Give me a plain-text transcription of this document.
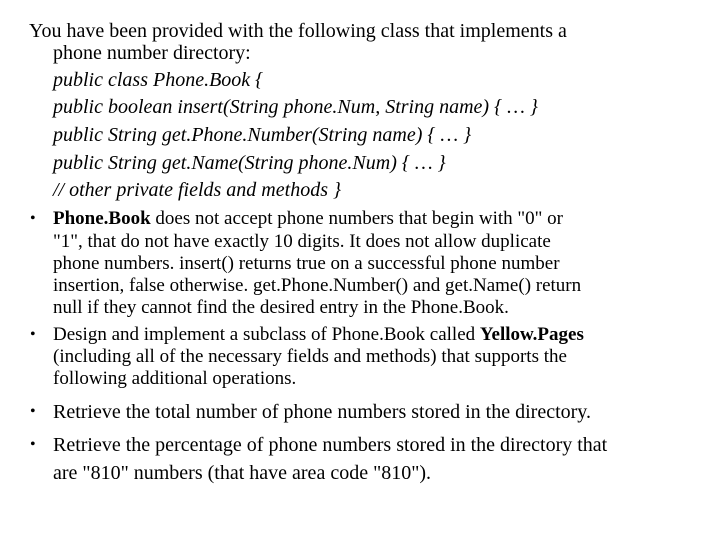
You have been provided with the following class that implements a
phone number directory:
public class Phone.Book {
public boolean insert(String phone.Num, String name) { … }
public String get.Phone.Number(String name) { … }
public String get.Name(String phone.Num) { … }
// other private fields and methods }
• Phone.Book does not accept phone numbers that begin with "0" or
"1", that do not have exactly 10 digits. It does not allow duplicate
phone numbers. insert() returns true on a successful phone number
insertion, false otherwise. get.Phone.Number() and get.Name() return
null if they cannot find the desired entry in the Phone.Book.
• Design and implement a subclass of Phone.Book called Yellow.Pages
(including all of the necessary fields and methods) that supports the
following additional operations.
• Retrieve the total number of phone numbers stored in the directory.
• Retrieve the percentage of phone numbers stored in the directory that
are "810" numbers (that have area code "810").
